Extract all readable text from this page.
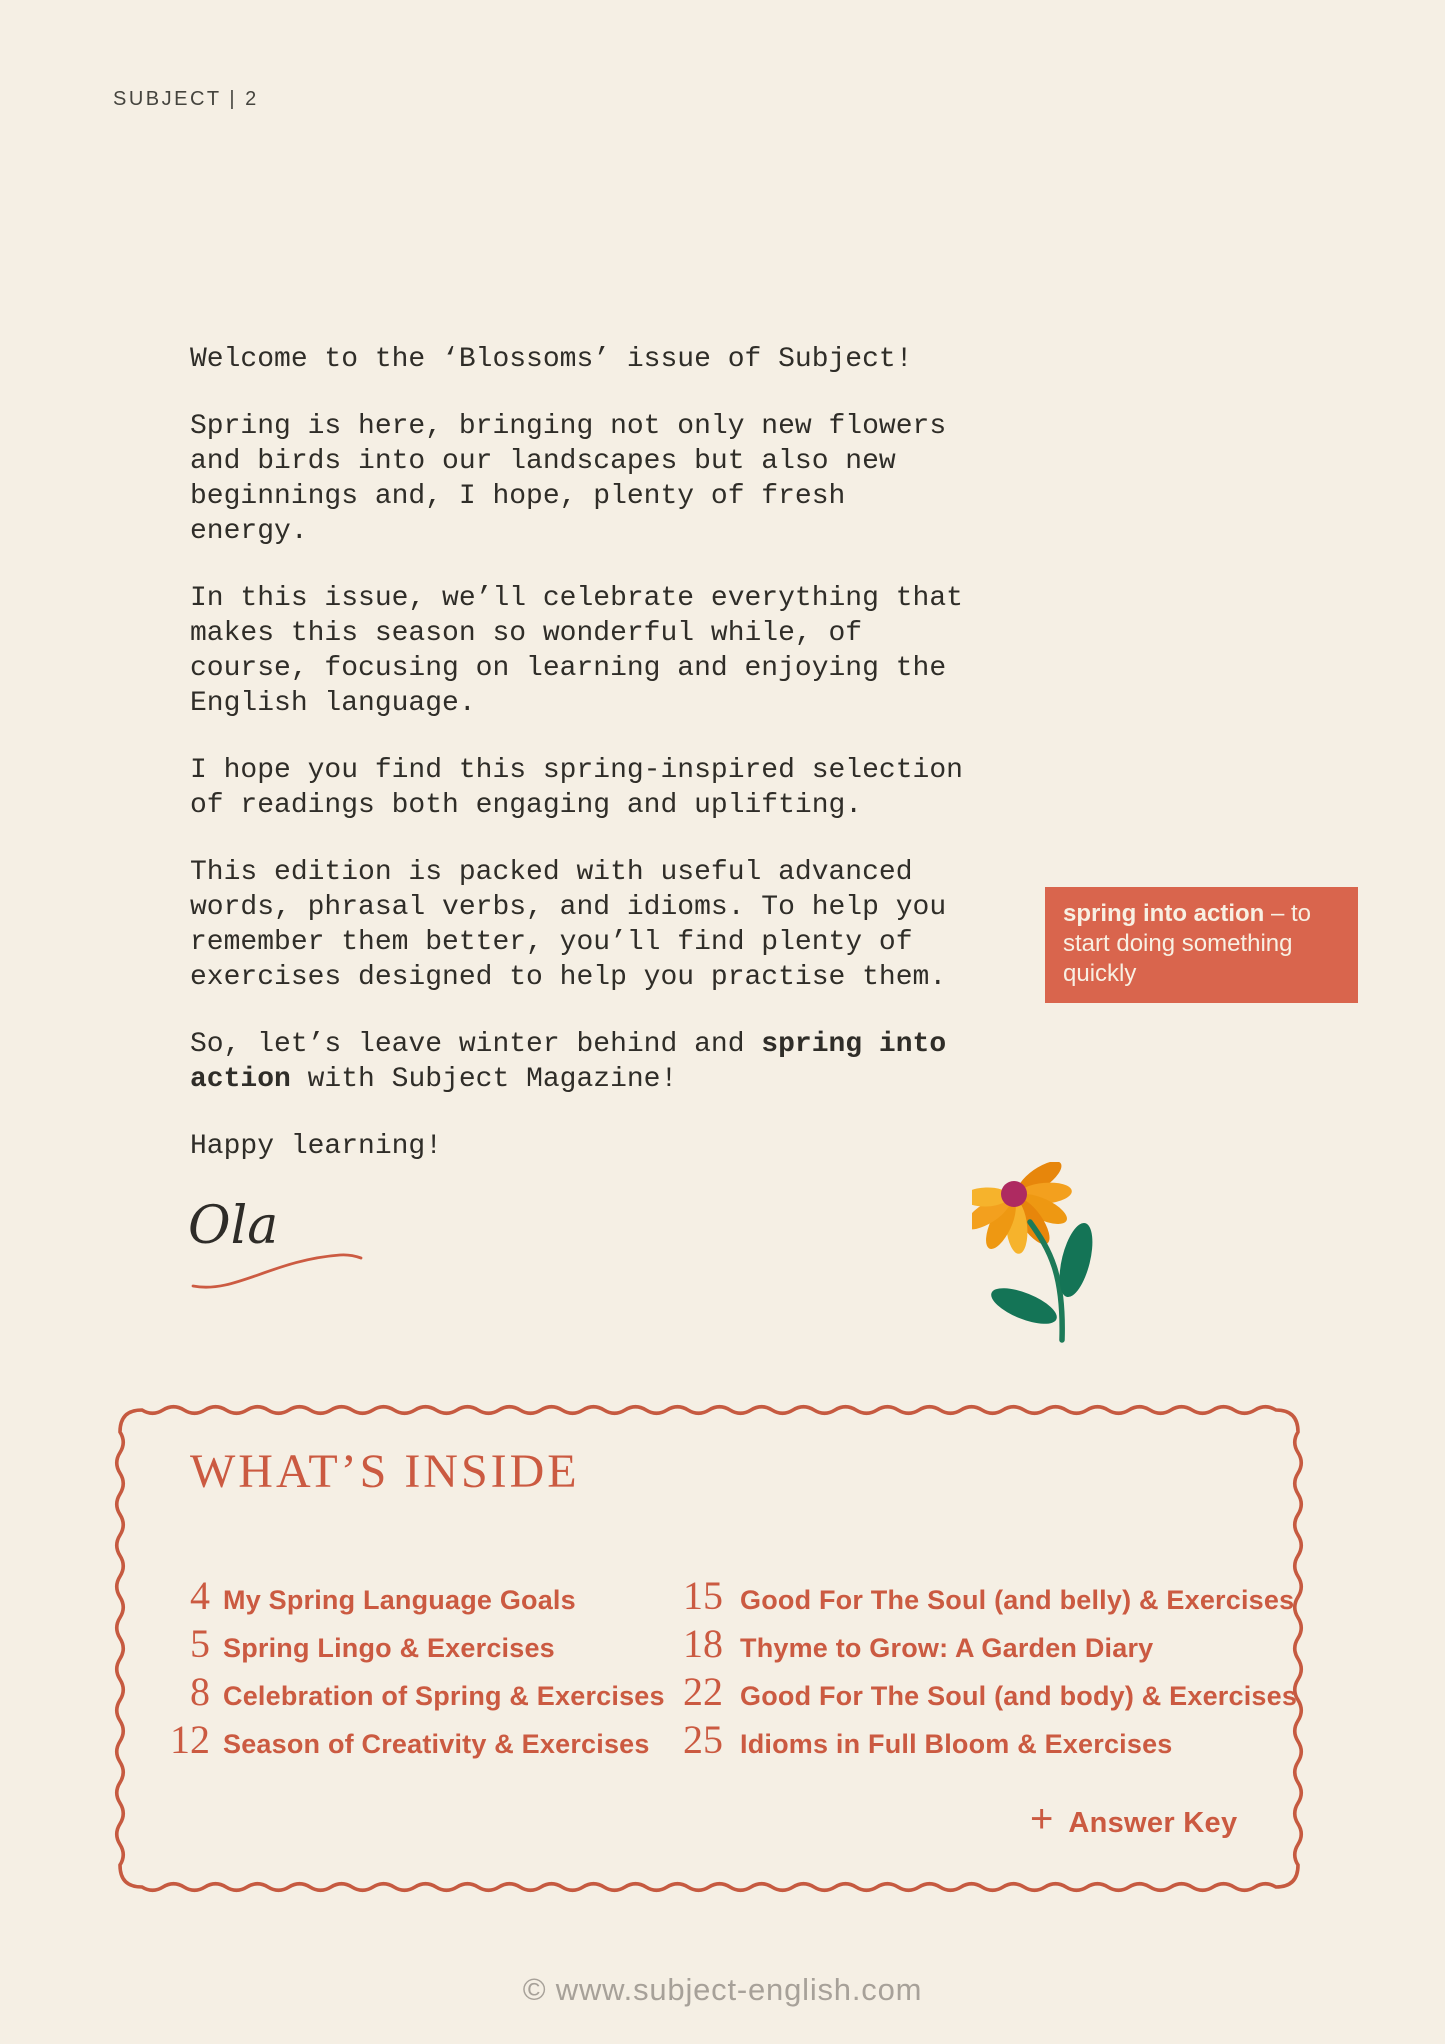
SUBJECT | 2

Welcome to the ‘Blossoms’ issue of Subject!

Spring is here, bringing not only new flowers and birds into our landscapes but also new beginnings and, I hope, plenty of fresh energy.

In this issue, we’ll celebrate everything that makes this season so wonderful while, of course, focusing on learning and enjoying the English language.

I hope you find this spring-inspired selection of readings both engaging and uplifting.

This edition is packed with useful advanced words, phrasal verbs, and idioms. To help you remember them better, you’ll find plenty of exercises designed to help you practise them.

So, let’s leave winter behind and spring into action with Subject Magazine!

Happy learning!

spring into action – to start doing something quickly
Ola
WHAT’S INSIDE
4 My Spring Language Goals
5 Spring Lingo & Exercises
8 Celebration of Spring & Exercises
12 Season of Creativity & Exercises
15 Good For The Soul (and belly) & Exercises
18 Thyme to Grow: A Garden Diary
22 Good For The Soul (and body) & Exercises
25 Idioms in Full Bloom & Exercises
+ Answer Key
© www.subject-english.com
